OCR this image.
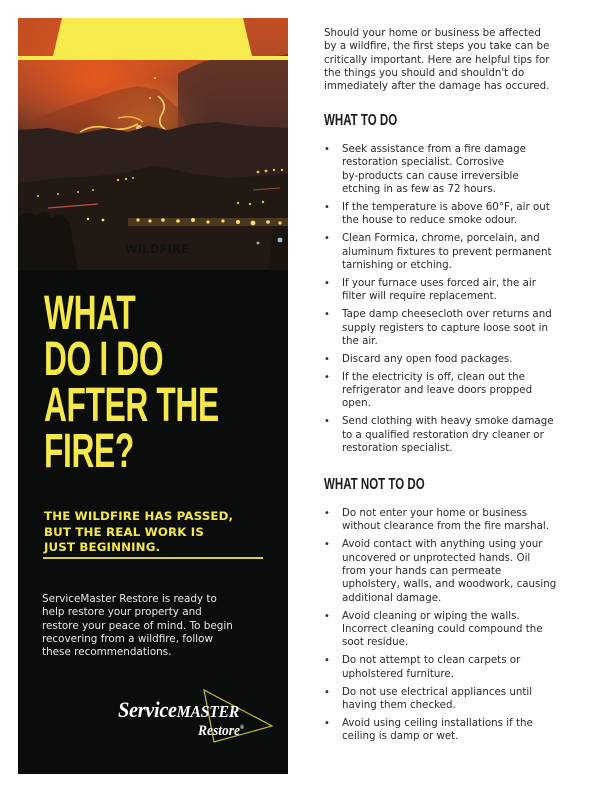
WILDFIRE
WHAT
DO I DO
AFTER THE
FIRE?
THE WILDFIRE HAS PASSED,
BUT THE REAL WORK IS
JUST BEGINNING.
ServiceMaster Restore is ready to
help restore your property and
restore your peace of mind. To begin
recovering from a wildfire, follow
these recommendations.
ServiceMASTER
Restore®
Should your home or business be affected
by a wildfire, the first steps you take can be
critically important. Here are helpful tips for
the things you should and shouldn't do
immediately after the damage has occured.
WHAT TO DO
• Seek assistance from a fire damage
restoration specialist. Corrosive
by-products can cause irreversible
etching in as few as 72 hours.
• If the temperature is above 60°F, air out
the house to reduce smoke odour.
• Clean Formica, chrome, porcelain, and
aluminum fixtures to prevent permanent
tarnishing or etching.
• If your furnace uses forced air, the air
filter will require replacement.
• Tape damp cheesecloth over returns and
supply registers to capture loose soot in
the air.
• Discard any open food packages.
• If the electricity is off, clean out the
refrigerator and leave doors propped
open.
• Send clothing with heavy smoke damage
to a qualified restoration dry cleaner or
restoration specialist.
WHAT NOT TO DO
• Do not enter your home or business
without clearance from the fire marshal.
• Avoid contact with anything using your
uncovered or unprotected hands. Oil
from your hands can permeate
upholstery, walls, and woodwork, causing
additional damage.
• Avoid cleaning or wiping the walls.
Incorrect cleaning could compound the
soot residue.
• Do not attempt to clean carpets or
upholstered furniture.
• Do not use electrical appliances until
having them checked.
• Avoid using ceiling installations if the
ceiling is damp or wet.
